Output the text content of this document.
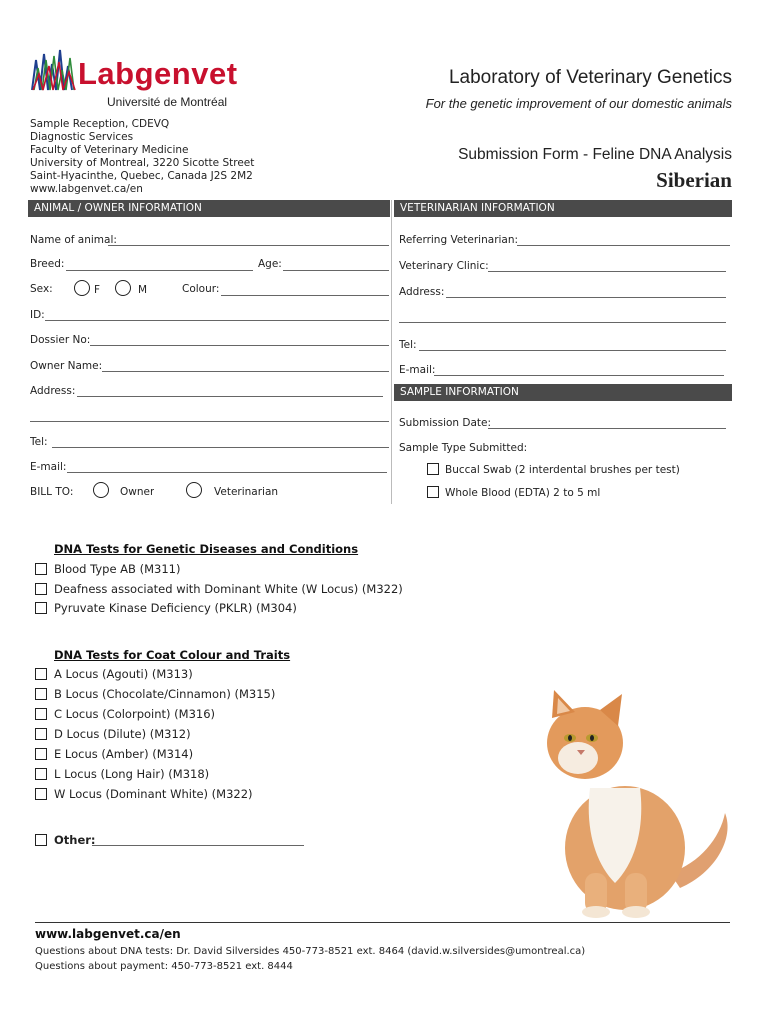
Labgenvet
Université de Montréal
Laboratory of Veterinary Genetics
For the genetic improvement of our domestic animals
Sample Reception, CDEVQ
Diagnostic Services
Faculty of Veterinary Medicine
University of Montreal, 3220 Sicotte Street
Saint-Hyacinthe, Quebec, Canada J2S 2M2
www.labgenvet.ca/en
Submission Form - Feline DNA Analysis
Siberian
ANIMAL / OWNER INFORMATION	VETERINARIAN INFORMATION
Name of animal:
Breed:	Age:
Sex:	F	M	Colour:
ID:
Dossier No:
Owner Name:
Address:
Tel:
E-mail:
BILL TO:	Owner	Veterinarian
Referring Veterinarian:
Veterinary Clinic:
Address:
Tel:
E-mail:
SAMPLE INFORMATION
Submission Date:
Sample Type Submitted:
Buccal Swab (2 interdental brushes per test)
Whole Blood (EDTA) 2 to 5 ml
DNA Tests for Genetic Diseases and Conditions
Blood Type AB (M311)
Deafness associated with Dominant White (W Locus) (M322)
Pyruvate Kinase Deficiency (PKLR) (M304)
DNA Tests for Coat Colour and Traits
A Locus (Agouti) (M313)
B Locus (Chocolate/Cinnamon) (M315)
C Locus (Colorpoint) (M316)
D Locus (Dilute) (M312)
E Locus (Amber) (M314)
L Locus (Long Hair) (M318)
W Locus (Dominant White) (M322)
Other:
www.labgenvet.ca/en
Questions about DNA tests: Dr. David Silversides 450-773-8521 ext. 8464 (david.w.silversides@umontreal.ca)
Questions about payment: 450-773-8521 ext. 8444
